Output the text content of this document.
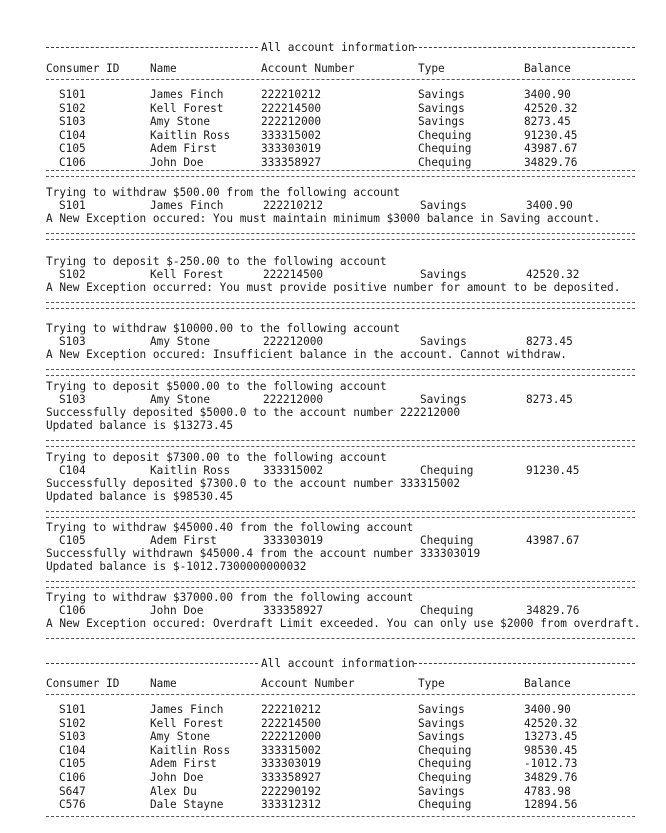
All account information
Consumer ID	Name	Account Number	Type	Balance
S101	James Finch	222210212	Savings	3400.90
S102	Kell Forest	222214500	Savings	42520.32
S103	Amy Stone	222212000	Savings	8273.45
C104	Kaitlin Ross	333315002	Chequing	91230.45
C105	Adem First	333303019	Chequing	43987.67
C106	John Doe	333358927	Chequing	34829.76
Trying to withdraw $500.00 from the following account
S101	James Finch	222210212	Savings	3400.90
A New Exception occured: You must maintain minimum $3000 balance in Saving account.
Trying to deposit $-250.00 to the following account
S102	Kell Forest	222214500	Savings	42520.32
A New Exception occurred: You must provide positive number for amount to be deposited.
Trying to withdraw $10000.00 to the following account
S103	Amy Stone	222212000	Savings	8273.45
A New Exception occured: Insufficient balance in the account. Cannot withdraw.
Trying to deposit $5000.00 to the following account
S103	Amy Stone	222212000	Savings	8273.45
Successfully deposited $5000.0 to the account number 222212000
Updated balance is $13273.45
Trying to deposit $7300.00 to the following account
C104	Kaitlin Ross	333315002	Chequing	91230.45
Successfully deposited $7300.0 to the account number 333315002
Updated balance is $98530.45
Trying to withdraw $45000.40 from the following account
C105	Adem First	333303019	Chequing	43987.67
Successfully withdrawn $45000.4 from the account number 333303019
Updated balance is $-1012.7300000000032
Trying to withdraw $37000.00 from the following account
C106	John Doe	333358927	Chequing	34829.76
A New Exception occured: Overdraft Limit exceeded. You can only use $2000 from overdraft.
All account information
Consumer ID	Name	Account Number	Type	Balance
S101	James Finch	222210212	Savings	3400.90
S102	Kell Forest	222214500	Savings	42520.32
S103	Amy Stone	222212000	Savings	13273.45
C104	Kaitlin Ross	333315002	Chequing	98530.45
C105	Adem First	333303019	Chequing	-1012.73
C106	John Doe	333358927	Chequing	34829.76
S647	Alex Du	222290192	Savings	4783.98
C576	Dale Stayne	333312312	Chequing	12894.56
